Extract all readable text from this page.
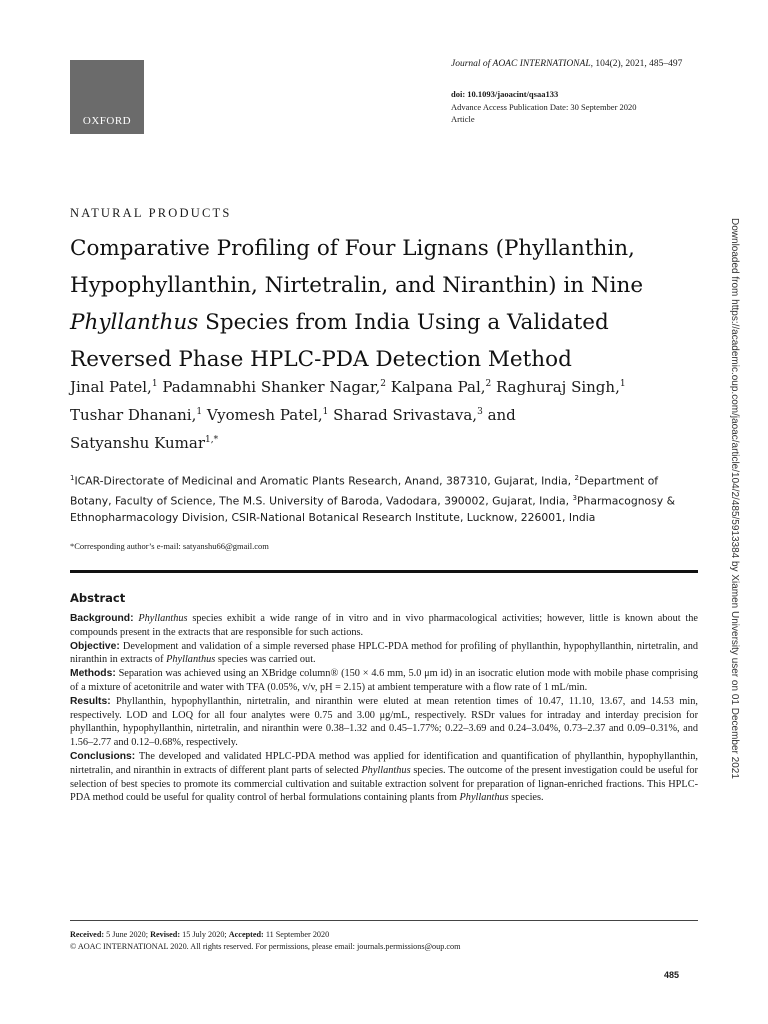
OXFORD
Journal of AOAC INTERNATIONAL, 104(2), 2021, 485–497
doi: 10.1093/jaoacint/qsaa133
Advance Access Publication Date: 30 September 2020
Article
NATURAL PRODUCTS
Comparative Profiling of Four Lignans (Phyllanthin,
Hypophyllanthin, Nirtetralin, and Niranthin) in Nine
Phyllanthus Species from India Using a Validated
Reversed Phase HPLC-PDA Detection Method
Jinal Patel,$^1$ Padamnabhi Shanker Nagar,$^2$ Kalpana Pal,$^2$ Raghuraj Singh,$^1$
Tushar Dhanani,$^1$ Vyomesh Patel,$^1$ Sharad Srivastava,$^3$ and
Satyanshu Kumar$^{1,*}$
$^1$ICAR-Directorate of Medicinal and Aromatic Plants Research, Anand, 387310, Gujarat, India, $^2$Department of Botany, Faculty of Science, The M.S. University of Baroda, Vadodara, 390002, Gujarat, India, $^3$Pharmacognosy & Ethnopharmacology Division, CSIR-National Botanical Research Institute, Lucknow, 226001, India
*Corresponding author’s e-mail: satyanshu66@gmail.com
Abstract

Background: Phyllanthus species exhibit a wide range of in vitro and in vivo pharmacological activities; however, little is known about the compounds present in the extracts that are responsible for such actions.

Objective: Development and validation of a simple reversed phase HPLC-PDA method for profiling of phyllanthin, hypophyllanthin, nirtetralin, and niranthin in extracts of Phyllanthus species was carried out.

Methods: Separation was achieved using an XBridge column® (150 × 4.6 mm, 5.0 μm id) in an isocratic elution mode with mobile phase comprising of a mixture of acetonitrile and water with TFA (0.05%, v/v, pH = 2.15) at ambient temperature with a flow rate of 1 mL/min.

Results: Phyllanthin, hypophyllanthin, nirtetralin, and niranthin were eluted at mean retention times of 10.47, 11.10, 13.67, and 14.53 min, respectively. LOD and LOQ for all four analytes were 0.75 and 3.00 μg/mL, respectively. RSDr values for intraday and interday precision for phyllanthin, hypophyllanthin, nirtetralin, and niranthin were 0.38–1.32 and 0.45–1.77%; 0.22–3.69 and 0.24–3.04%, 0.73–2.37 and 0.09–0.31%, and 1.56–2.77 and 0.12–0.68%, respectively.

Conclusions: The developed and validated HPLC-PDA method was applied for identification and quantification of phyllanthin, hypophyllanthin, nirtetralin, and niranthin in extracts of different plant parts of selected Phyllanthus species. The outcome of the present investigation could be useful for selection of best species to promote its commercial cultivation and suitable extraction solvent for preparation of lignan-enriched fractions. This HPLC-PDA method could be useful for quality control of herbal formulations containing plants from Phyllanthus species.

Received: 5 June 2020; Revised: 15 July 2020; Accepted: 11 September 2020
© AOAC INTERNATIONAL 2020. All rights reserved. For permissions, please email: journals.permissions@oup.com
485
Downloaded from https://academic.oup.com/jaoac/article/104/2/485/5913384 by Xiamen University user on 01 December 2021
